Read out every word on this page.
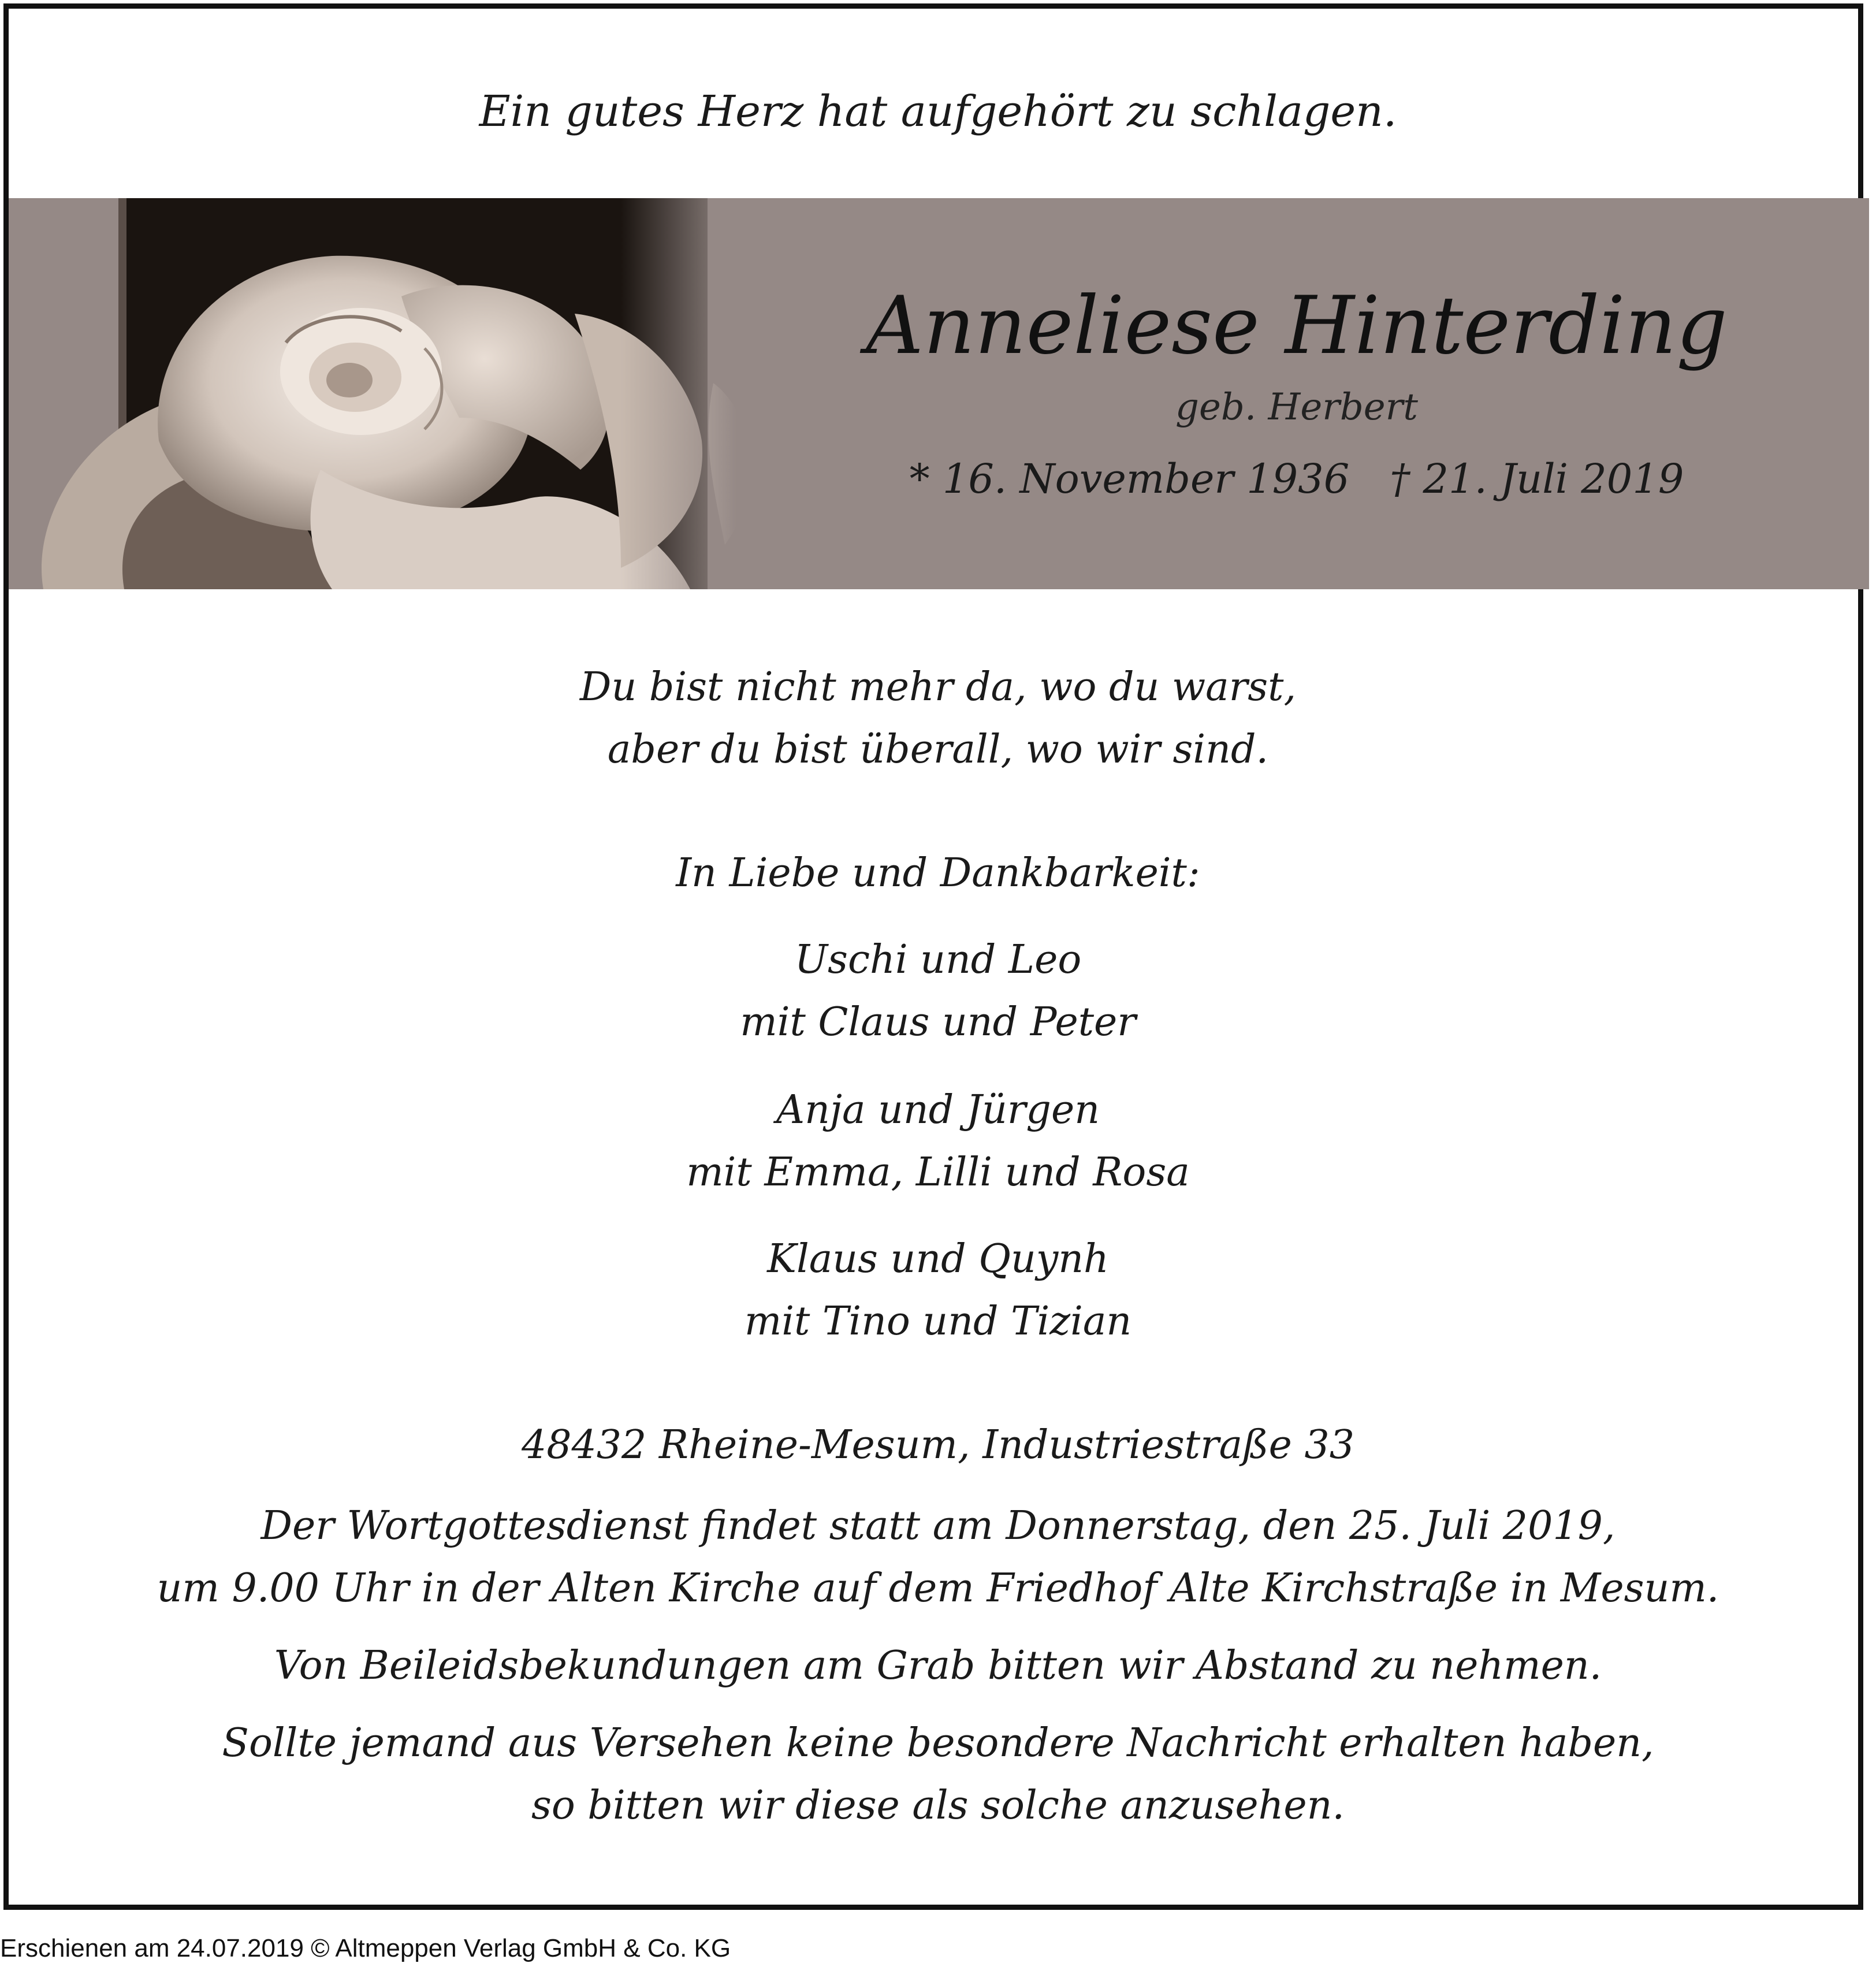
Ein gutes Herz hat aufgehört zu schlagen.
Anneliese Hinterding
geb. Herbert
* 16. November 1936 † 21. Juli 2019
Du bist nicht mehr da, wo du warst,
aber du bist überall, wo wir sind.
In Liebe und Dankbarkeit:
Uschi und Leo
mit Claus und Peter
Anja und Jürgen
mit Emma, Lilli und Rosa
Klaus und Quynh
mit Tino und Tizian
48432 Rheine-Mesum, Industriestraße 33
Der Wortgottesdienst findet statt am Donnerstag, den 25. Juli 2019,
um 9.00 Uhr in der Alten Kirche auf dem Friedhof Alte Kirchstraße in Mesum.
Von Beileidsbekundungen am Grab bitten wir Abstand zu nehmen.
Sollte jemand aus Versehen keine besondere Nachricht erhalten haben,
so bitten wir diese als solche anzusehen.
Erschienen am 24.07.2019 © Altmeppen Verlag GmbH & Co. KG
